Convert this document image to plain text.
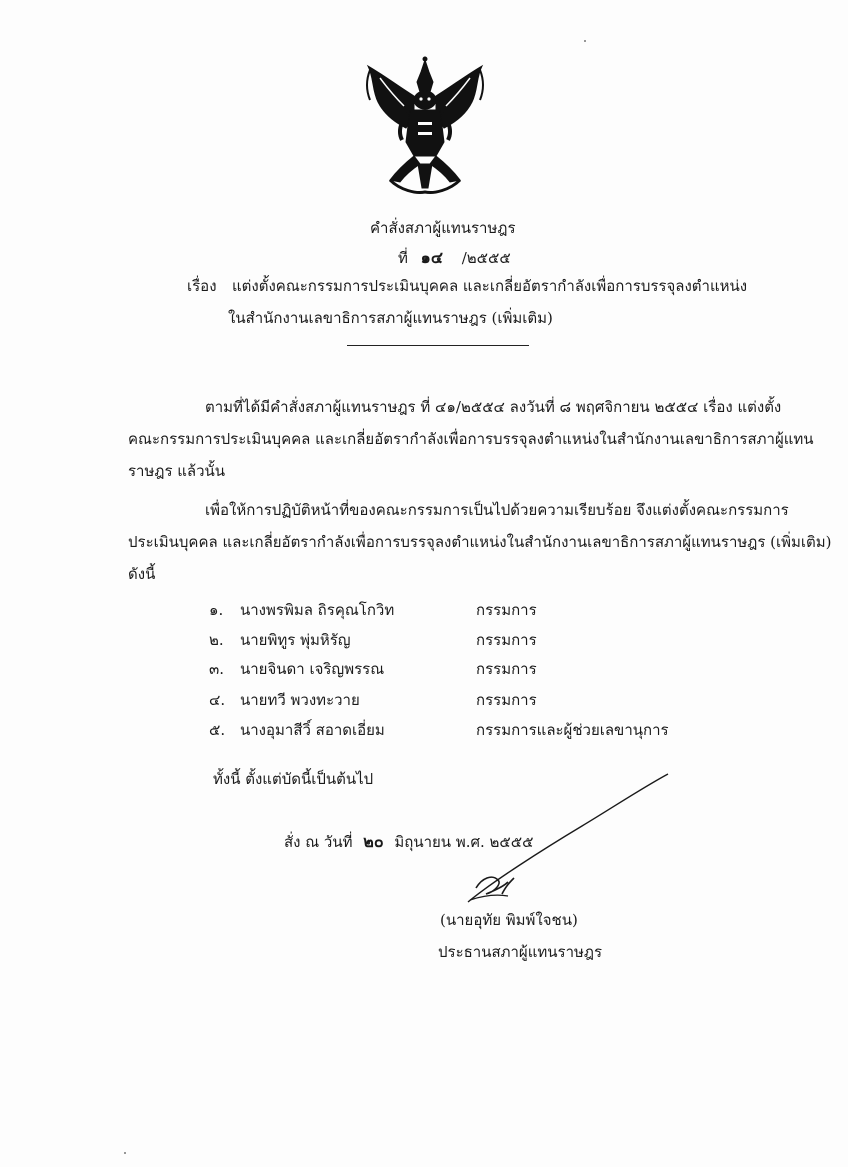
คำสั่งสภาผู้แทนราษฎร
ที่ ๑๔ /๒๕๕๕
เรื่อง แต่งตั้งคณะกรรมการประเมินบุคคล และเกลี่ยอัตรากำลังเพื่อการบรรจุลงตำแหน่ง
ในสำนักงานเลขาธิการสภาผู้แทนราษฎร (เพิ่มเติม)
ตามที่ได้มีคำสั่งสภาผู้แทนราษฎร ที่ ๔๑/๒๕๕๔ ลงวันที่ ๘ พฤศจิกายน ๒๕๕๔ เรื่อง แต่งตั้ง
คณะกรรมการประเมินบุคคล และเกลี่ยอัตรากำลังเพื่อการบรรจุลงตำแหน่งในสำนักงานเลขาธิการสภาผู้แทน
ราษฎร แล้วนั้น
เพื่อให้การปฏิบัติหน้าที่ของคณะกรรมการเป็นไปด้วยความเรียบร้อย จึงแต่งตั้งคณะกรรมการ
ประเมินบุคคล และเกลี่ยอัตรากำลังเพื่อการบรรจุลงตำแหน่งในสำนักงานเลขาธิการสภาผู้แทนราษฎร (เพิ่มเติม)
ดังนี้
๑. นางพรพิมล ถิรคุณโกวิท	กรรมการ
๒. นายพิทูร พุ่มหิรัญ	กรรมการ
๓. นายจินดา เจริญพรรณ	กรรมการ
๔. นายทวี พวงทะวาย	กรรมการ
๕. นางอุมาสีวิ์ สอาดเอี่ยม	กรรมการและผู้ช่วยเลขานุการ
ทั้งนี้ ตั้งแต่บัดนี้เป็นต้นไป
สั่ง ณ วันที่ ๒๐ มิถุนายน พ.ศ. ๒๕๕๕
(นายอุทัย พิมพ์ใจชน)
ประธานสภาผู้แทนราษฎร
